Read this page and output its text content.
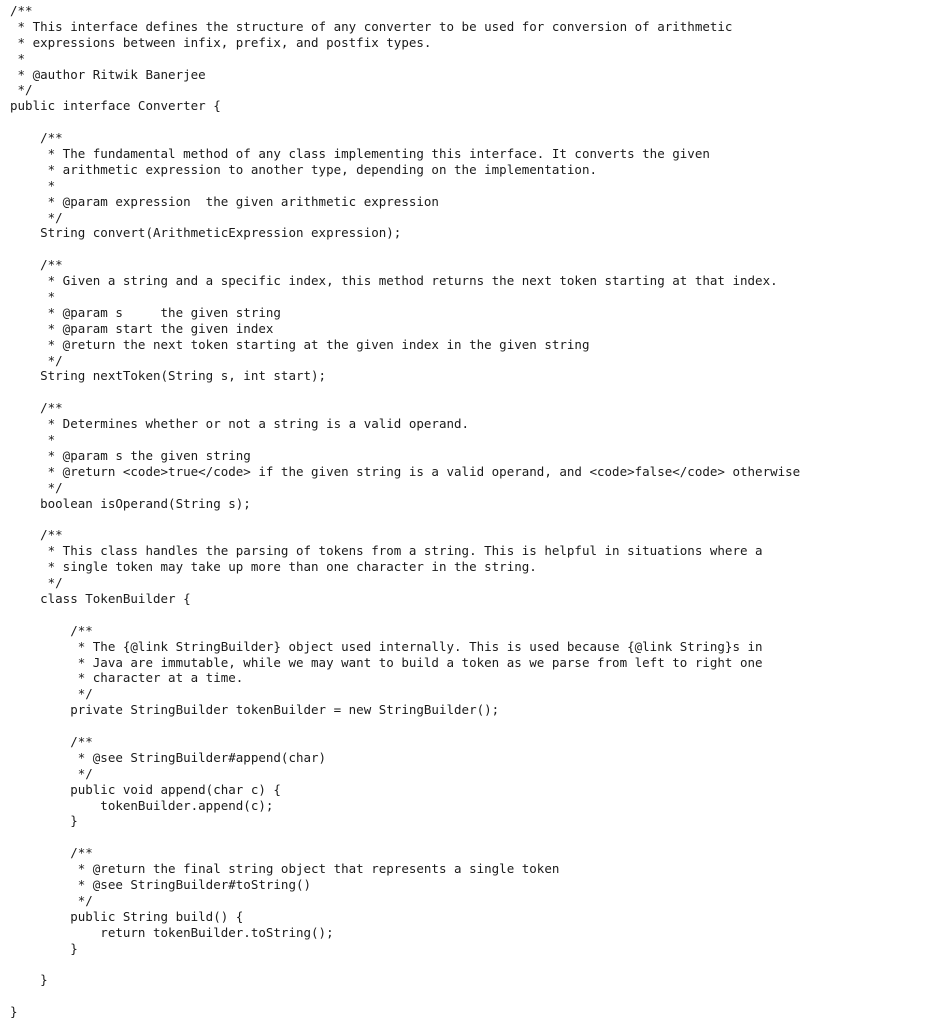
/**
* This interface defines the structure of any converter to be used for conversion of arithmetic
* expressions between infix, prefix, and postfix types.
*
* @author Ritwik Banerjee
*/
public interface Converter {
/**
* The fundamental method of any class implementing this interface. It converts the given
* arithmetic expression to another type, depending on the implementation.
*
* @param expression  the given arithmetic expression
*/
String convert(ArithmeticExpression expression);
/**
* Given a string and a specific index, this method returns the next token starting at that index.
*
* @param s     the given string
* @param start the given index
* @return the next token starting at the given index in the given string
*/
String nextToken(String s, int start);
/**
* Determines whether or not a string is a valid operand.
*
* @param s the given string
* @return <code>true</code> if the given string is a valid operand, and <code>false</code> otherwise
*/
boolean isOperand(String s);
/**
* This class handles the parsing of tokens from a string. This is helpful in situations where a
* single token may take up more than one character in the string.
*/
class TokenBuilder {
/**
* The {@link StringBuilder} object used internally. This is used because {@link String}s in
* Java are immutable, while we may want to build a token as we parse from left to right one
* character at a time.
*/
private StringBuilder tokenBuilder = new StringBuilder();
/**
* @see StringBuilder#append(char)
*/
public void append(char c) {
tokenBuilder.append(c);
}
/**
* @return the final string object that represents a single token
* @see StringBuilder#toString()
*/
public String build() {
return tokenBuilder.toString();
}
}
}
